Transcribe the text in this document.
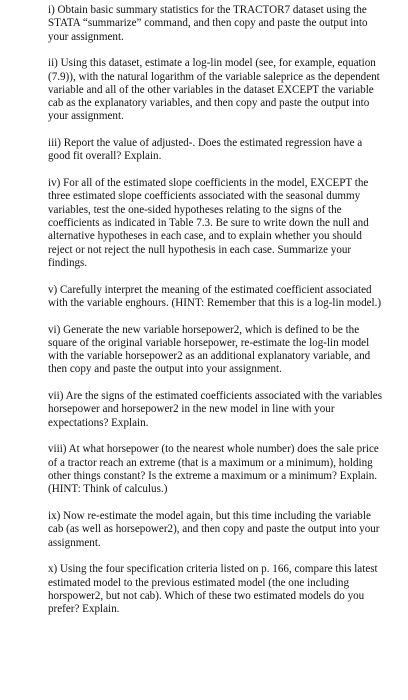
i) Obtain basic summary statistics for the TRACTOR7 dataset using the STATA “summarize” command, and then copy and paste the output into your assignment.

ii) Using this dataset, estimate a log-lin model (see, for example, equation (7.9)), with the natural logarithm of the variable saleprice as the dependent variable and all of the other variables in the dataset EXCEPT the variable cab as the explanatory variables, and then copy and paste the output into your assignment.

iii) Report the value of adjusted-. Does the estimated regression have a good fit overall? Explain.

iv) For all of the estimated slope coefficients in the model, EXCEPT the three estimated slope coefficients associated with the seasonal dummy variables, test the one-sided hypotheses relating to the signs of the coefficients as indicated in Table 7.3. Be sure to write down the null and alternative hypotheses in each case, and to explain whether you should reject or not reject the null hypothesis in each case. Summarize your findings.

v) Carefully interpret the meaning of the estimated coefficient associated with the variable enghours. (HINT: Remember that this is a log-lin model.)

vi) Generate the new variable horsepower2, which is defined to be the square of the original variable horsepower, re-estimate the log-lin model with the variable horsepower2 as an additional explanatory variable, and then copy and paste the output into your assignment.

vii) Are the signs of the estimated coefficients associated with the variables horsepower and horsepower2 in the new model in line with your expectations? Explain.

viii) At what horsepower (to the nearest whole number) does the sale price of a tractor reach an extreme (that is a maximum or a minimum), holding other things constant? Is the extreme a maximum or a minimum? Explain. (HINT: Think of calculus.)

ix) Now re-estimate the model again, but this time including the variable cab (as well as horsepower2), and then copy and paste the output into your assignment.

x) Using the four specification criteria listed on p. 166, compare this latest estimated model to the previous estimated model (the one including horspower2, but not cab). Which of these two estimated models do you prefer? Explain.
